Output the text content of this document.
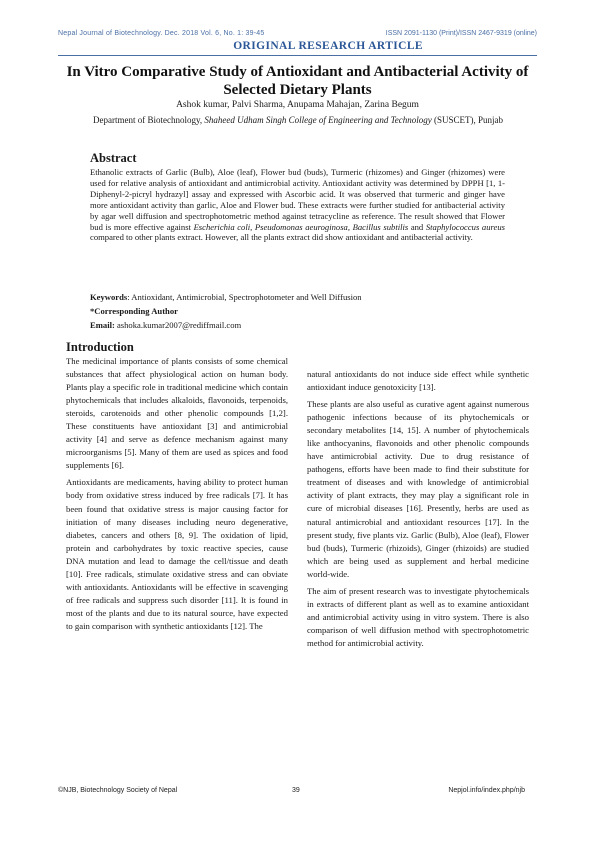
Nepal Journal of Biotechnology. Dec. 2018 Vol. 6, No. 1: 39-45	ISSN 2091-1130 (Print)/ISSN 2467-9319 (online)
ORIGINAL RESEARCH ARTICLE
In Vitro Comparative Study of Antioxidant and Antibacterial Activity of Selected Dietary Plants
Ashok kumar, Palvi Sharma, Anupama Mahajan, Zarina Begum
Department of Biotechnology, Shaheed Udham Singh College of Engineering and Technology (SUSCET), Punjab
Abstract
Ethanolic extracts of Garlic (Bulb), Aloe (leaf), Flower bud (buds), Turmeric (rhizomes) and Ginger (rhizomes) were used for relative analysis of antioxidant and antimicrobial activity. Antioxidant activity was determined by DPPH [1, 1-Diphenyl-2-picryl hydrazyl] assay and expressed with Ascorbic acid. It was observed that turmeric and ginger have more antioxidant activity than garlic, Aloe and Flower bud. These extracts were further studied for antibacterial activity by agar well diffusion and spectrophotometric method against tetracycline as reference. The result showed that Flower bud is more effective against Escherichia coli, Pseudomonas aeuroginosa, Bacillus subtilis and Staphylococcus aureus compared to other plants extract. However, all the plants extract did show antioxidant and antibacterial activity.
Keywords: Antioxidant, Antimicrobial, Spectrophotometer and Well Diffusion
*Corresponding Author
Email: ashoka.kumar2007@rediffmail.com
Introduction

The medicinal importance of plants consists of some chemical substances that affect physiological action on human body. Plants play a specific role in traditional medicine which contain phytochemicals that includes alkaloids, flavonoids, terpenoids, steroids, carotenoids and other phenolic compounds [1,2]. These constituents have antioxidant [3] and antimicrobial activity [4] and serve as defence mechanism against many microorganisms [5]. Many of them are used as spices and food supplements [6].

Antioxidants are medicaments, having ability to protect human body from oxidative stress induced by free radicals [7]. It has been found that oxidative stress is major causing factor for initiation of many diseases including neuro degenerative, diabetes, cancers and others [8, 9]. The oxidation of lipid, protein and carbohydrates by toxic reactive species, cause DNA mutation and lead to damage the cell/tissue and death [10]. Free radicals, stimulate oxidative stress and can obviate with antioxidants. Antioxidants will be effective in scavenging of free radicals and suppress such disorder [11]. It is found in most of the plants and due to its natural source, have expected to gain comparison with synthetic antioxidants [12]. The

natural antioxidants do not induce side effect while synthetic antioxidant induce genotoxicity [13].

These plants are also useful as curative agent against numerous pathogenic infections because of its phytochemicals or secondary metabolites [14, 15]. A number of phytochemicals like anthocyanins, flavonoids and other phenolic compounds have antimicrobial activity. Due to drug resistance of pathogens, efforts have been made to find their substitute for treatment of diseases and with knowledge of antimicrobial activity of plant extracts, they may play a significant role in cure of microbial diseases [16]. Presently, herbs are used as natural antimicrobial and antioxidant resources [17]. In the present study, five plants viz. Garlic (Bulb), Aloe (leaf), Flower bud (buds), Turmeric (rhizoids), Ginger (rhizoids) are studied which are being used as supplement and herbal medicine world-wide.

The aim of present research was to investigate phytochemicals in extracts of different plant as well as to examine antioxidant and antimicrobial activity using in vitro system. There is also comparison of well diffusion method with spectrophotometric method for antimicrobial activity.

©NJB, Biotechnology Society of Nepal	39	Nepjol.info/index.php/njb
